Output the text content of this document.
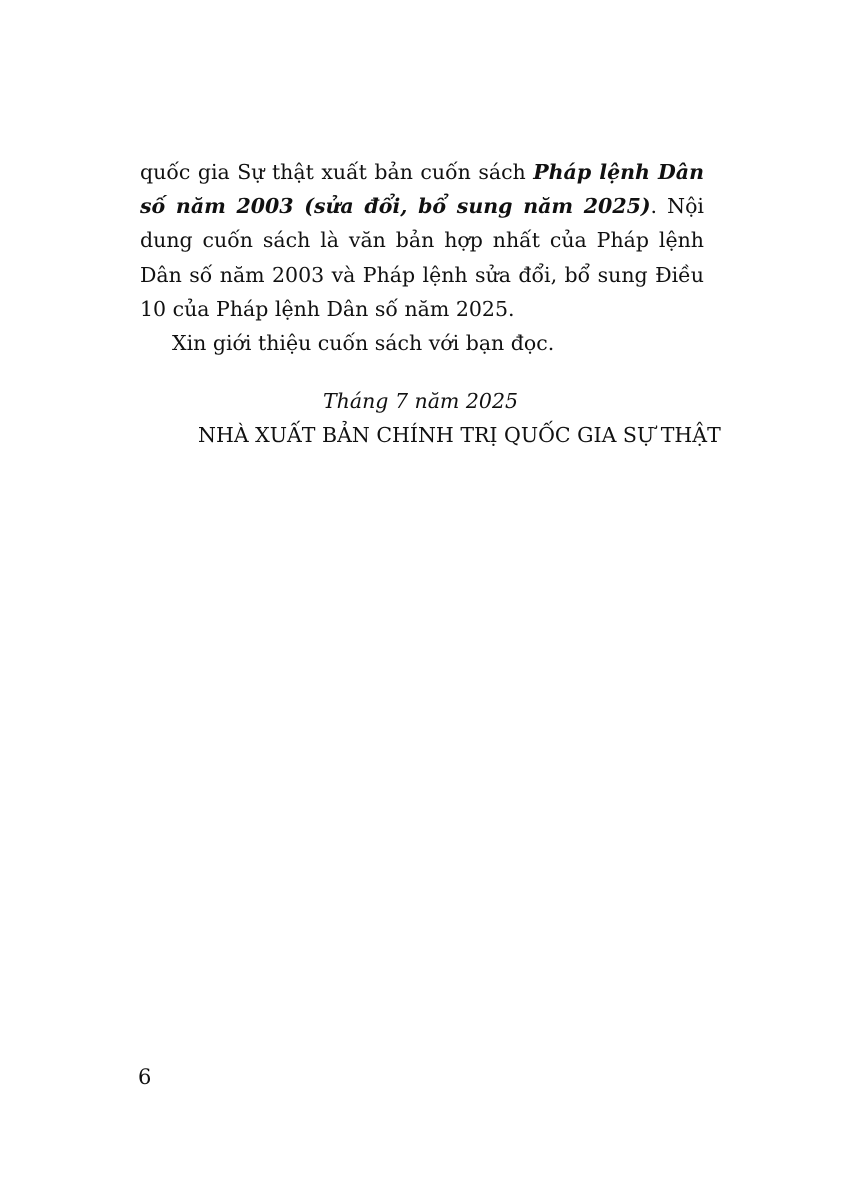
quốc gia Sự thật xuất bản cuốn sách Pháp lệnh Dân số năm 2003 (sửa đổi, bổ sung năm 2025). Nội dung cuốn sách là văn bản hợp nhất của Pháp lệnh Dân số năm 2003 và Pháp lệnh sửa đổi, bổ sung Điều 10 của Pháp lệnh Dân số năm 2025.

Xin giới thiệu cuốn sách với bạn đọc.

Tháng 7 năm 2025
NHÀ XUẤT BẢN CHÍNH TRỊ QUỐC GIA SỰ THẬT
6
